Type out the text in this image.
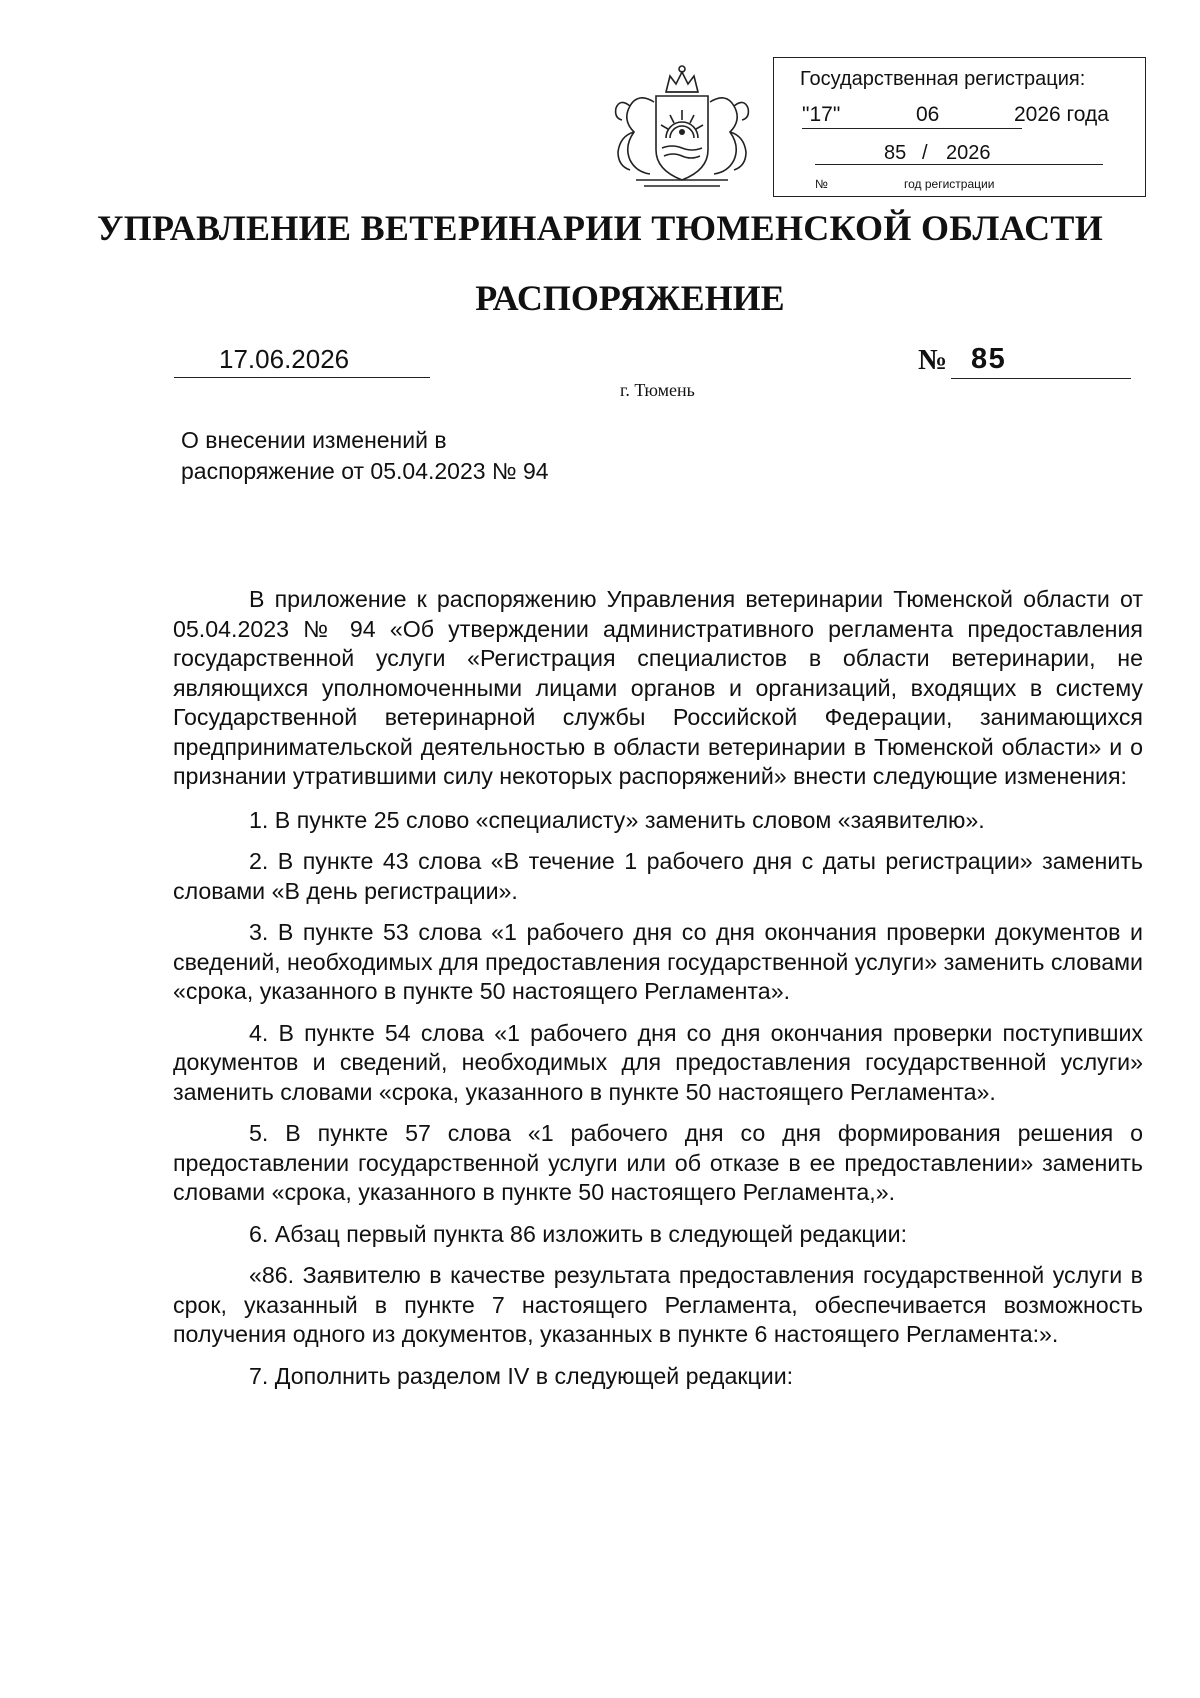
Государственная регистрация:
"17"	06	2026 года
85 / 2026
№	год регистрации
УПРАВЛЕНИЕ ВЕТЕРИНАРИИ ТЮМЕНСКОЙ ОБЛАСТИ
РАСПОРЯЖЕНИЕ
17.06.2026	№ 85
г. Тюмень
О внесении изменений в
распоряжение от 05.04.2023 № 94

В приложение к распоряжению Управления ветеринарии Тюменской области от 05.04.2023 № 94 «Об утверждении административного регламента предоставления государственной услуги «Регистрация специалистов в области ветеринарии, не являющихся уполномоченными лицами органов и организаций, входящих в систему Государственной ветеринарной службы Российской Федерации, занимающихся предпринимательской деятельностью в области ветеринарии в Тюменской области» и о признании утратившими силу некоторых распоряжений» внести следующие изменения:

1. В пункте 25 слово «специалисту» заменить словом «заявителю».

2. В пункте 43 слова «В течение 1 рабочего дня с даты регистрации» заменить словами «В день регистрации».

3. В пункте 53 слова «1 рабочего дня со дня окончания проверки документов и сведений, необходимых для предоставления государственной услуги» заменить словами «срока, указанного в пункте 50 настоящего Регламента».

4. В пункте 54 слова «1 рабочего дня со дня окончания проверки поступивших документов и сведений, необходимых для предоставления государственной услуги» заменить словами «срока, указанного в пункте 50 настоящего Регламента».

5. В пункте 57 слова «1 рабочего дня со дня формирования решения о предоставлении государственной услуги или об отказе в ее предоставлении» заменить словами «срока, указанного в пункте 50 настоящего Регламента,».

6. Абзац первый пункта 86 изложить в следующей редакции:

«86. Заявителю в качестве результата предоставления государственной услуги в срок, указанный в пункте 7 настоящего Регламента, обеспечивается возможность получения одного из документов, указанных в пункте 6 настоящего Регламента:».

7. Дополнить разделом IV в следующей редакции:
